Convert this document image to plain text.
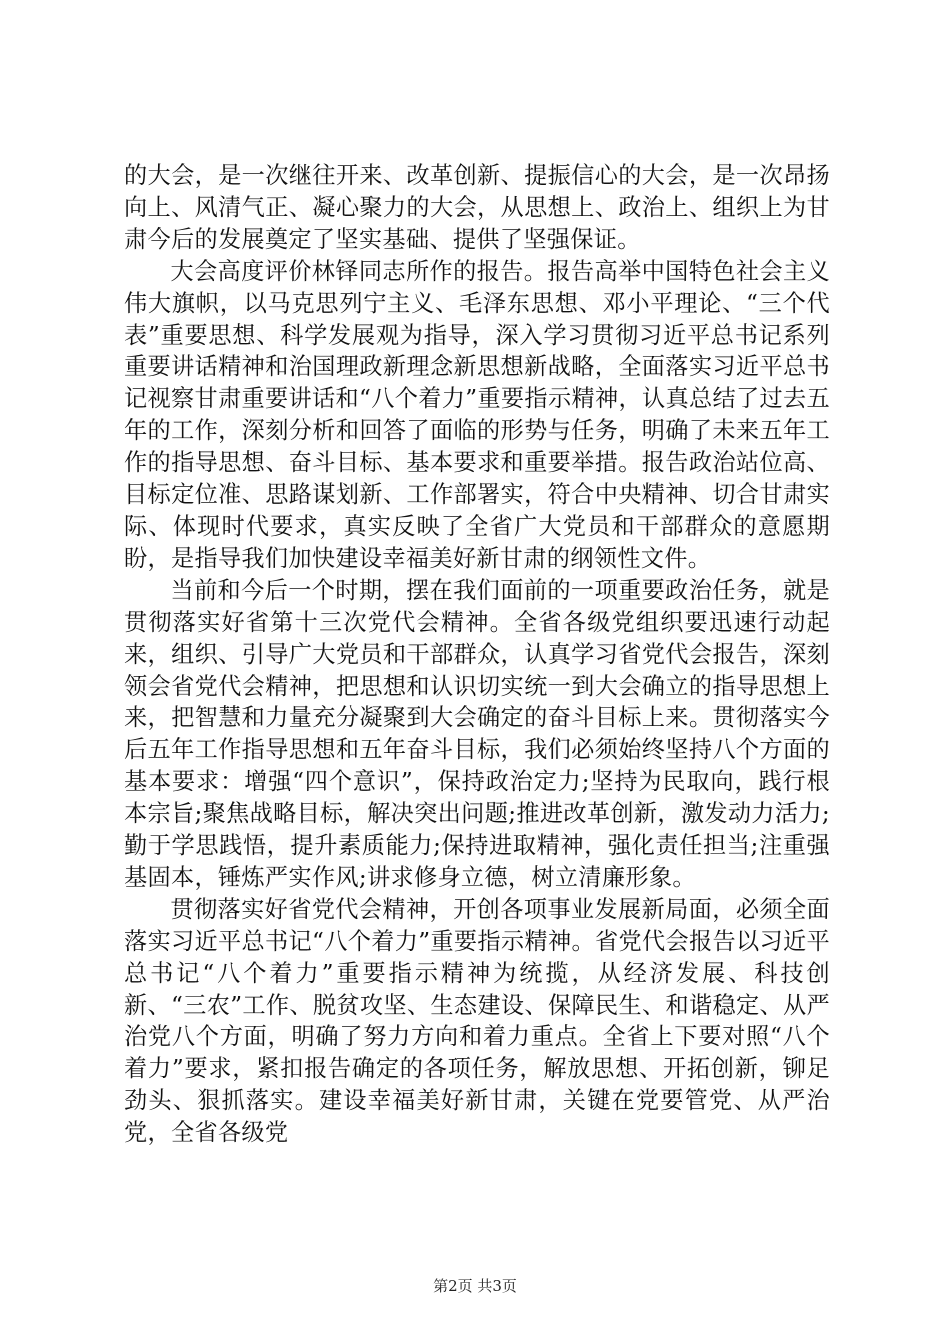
的大会，是一次继往开来、改革创新、提振信心的大会，是一次昂扬向上、风清气正、凝心聚力的大会，从思想上、政治上、组织上为甘肃今后的发展奠定了坚实基础、提供了坚强保证。

大会高度评价林铎同志所作的报告。报告高举中国特色社会主义伟大旗帜，以马克思列宁主义、毛泽东思想、邓小平理论、“三个代表”重要思想、科学发展观为指导，深入学习贯彻习近平总书记系列重要讲话精神和治国理政新理念新思想新战略，全面落实习近平总书记视察甘肃重要讲话和“八个着力”重要指示精神，认真总结了过去五年的工作，深刻分析和回答了面临的形势与任务，明确了未来五年工作的指导思想、奋斗目标、基本要求和重要举措。报告政治站位高、目标定位准、思路谋划新、工作部署实，符合中央精神、切合甘肃实际、体现时代要求，真实反映了全省广大党员和干部群众的意愿期盼，是指导我们加快建设幸福美好新甘肃的纲领性文件。

当前和今后一个时期，摆在我们面前的一项重要政治任务，就是贯彻落实好省第十三次党代会精神。全省各级党组织要迅速行动起来，组织、引导广大党员和干部群众，认真学习省党代会报告，深刻领会省党代会精神，把思想和认识切实统一到大会确立的指导思想上来，把智慧和力量充分凝聚到大会确定的奋斗目标上来。贯彻落实今后五年工作指导思想和五年奋斗目标，我们必须始终坚持八个方面的基本要求：增强“四个意识”，保持政治定力;坚持为民取向，践行根本宗旨;聚焦战略目标，解决突出问题;推进改革创新，激发动力活力;勤于学思践悟，提升素质能力;保持进取精神，强化责任担当;注重强基固本，锤炼严实作风;讲求修身立德，树立清廉形象。

贯彻落实好省党代会精神，开创各项事业发展新局面，必须全面落实习近平总书记“八个着力”重要指示精神。省党代会报告以习近平总书记“八个着力”重要指示精神为统揽，从经济发展、科技创新、“三农”工作、脱贫攻坚、生态建设、保障民生、和谐稳定、从严治党八个方面，明确了努力方向和着力重点。全省上下要对照“八个着力”要求，紧扣报告确定的各项任务，解放思想、开拓创新，铆足劲头、狠抓落实。建设幸福美好新甘肃，关键在党要管党、从严治党，全省各级党

第2页 共3页
